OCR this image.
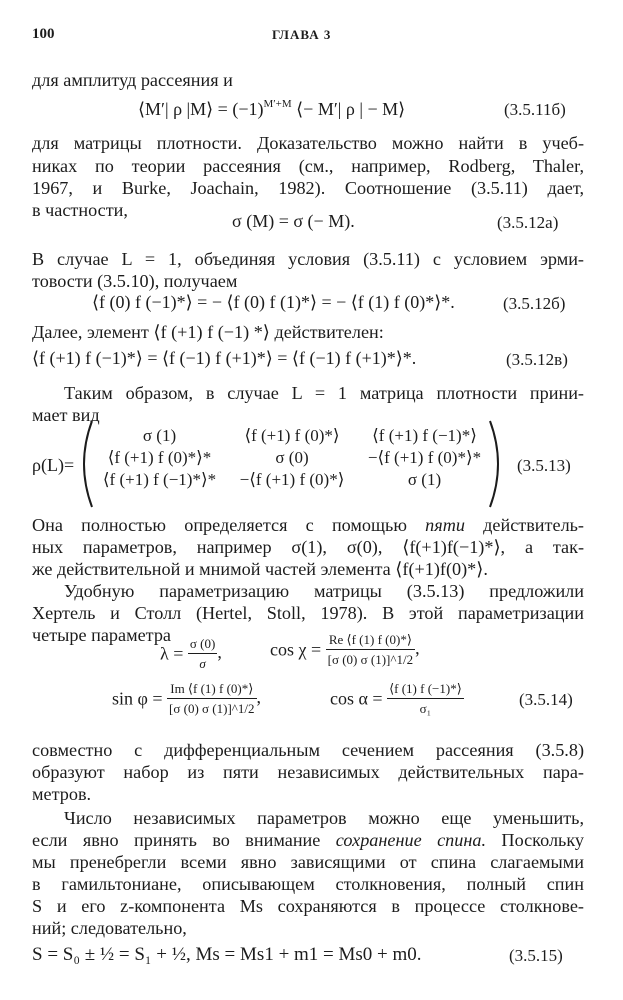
100	ГЛАВА 3
для амплитуд рассеяния и
⟨M′| ρ |M⟩ = $(-1)^{M'+M}$ ⟨− M′| ρ | − M⟩	(3.5.11б)
для матрицы плотности. Доказательство можно найти в учеб-
никах по теории рассеяния (см., например, Rodberg, Thaler,
1967, и Burke, Joachain, 1982). Соотношение (3.5.11) дает,
в частности,
σ (M) = σ (− M).	(3.5.12а)
В случае L = 1, объединяя условия (3.5.11) с условием эрми-
товости (3.5.10), получаем
⟨f (0) f (−1)*⟩ = − ⟨f (0) f (1)*⟩ = − ⟨f (1) f (0)*⟩*.	(3.5.12б)
Далее, элемент ⟨f (+1) f (−1) *⟩ действителен:
⟨f (+1) f (−1)*⟩ = ⟨f (−1) f (+1)*⟩ = ⟨f (−1) f (+1)*⟩*.	(3.5.12в)
Таким образом, в случае L = 1 матрица плотности прини-
мает вид
ρ(L)=
σ (1)	⟨f (+1) f (0)*⟩	⟨f (+1) f (−1)*⟩
⟨f (+1) f (0)*⟩*	σ (0)	−⟨f (+1) f (0)*⟩*
⟨f (+1) f (−1)*⟩*	−⟨f (+1) f (0)*⟩	σ (1)
(3.5.13)
Она полностью определяется с помощью пяти действитель-
ных параметров, например σ(1), σ(0), ⟨f(+1)f(−1)*⟩, а так-
же действительной и мнимой частей элемента ⟨f(+1)f(0)*⟩.
Удобную параметризацию матрицы (3.5.13) предложили
Хертель и Столл (Hertel, Stoll, 1978). В этой параметризации
четыре параметра
$\lambda = \frac{\sigma (0)}{\sigma}$ ,	$\cos \chi = \frac{Re ⟨f (1) f (0)*⟩}{[\sigma (0) \sigma (1)]\^{}1/2}$ ,
$\sin \varphi = \frac{Im ⟨f (1) f (0)*⟩}{[\sigma (0) \sigma (1)]\^{}1/2}$ ,	$\cos \alpha = \frac{⟨f (1) f (-1)*⟩}{\text{σ₁}}$	(3.5.14)
совместно с дифференциальным сечением рассеяния (3.5.8)
образуют набор из пяти независимых действительных пара-
метров.
Число независимых параметров можно еще уменьшить,
если явно принять во внимание сохранение спина. Поскольку
мы пренебрегли всеми явно зависящими от спина слагаемыми
в гамильтониане, описывающем столкновения, полный спин
S и его z-компонента Ms сохраняются в процессе столкнове-
ний; следовательно,
S = S₀ ± ½ = S₁ + ½, Ms = Ms1 + m1 = Ms0 + m0.	(3.5.15)
